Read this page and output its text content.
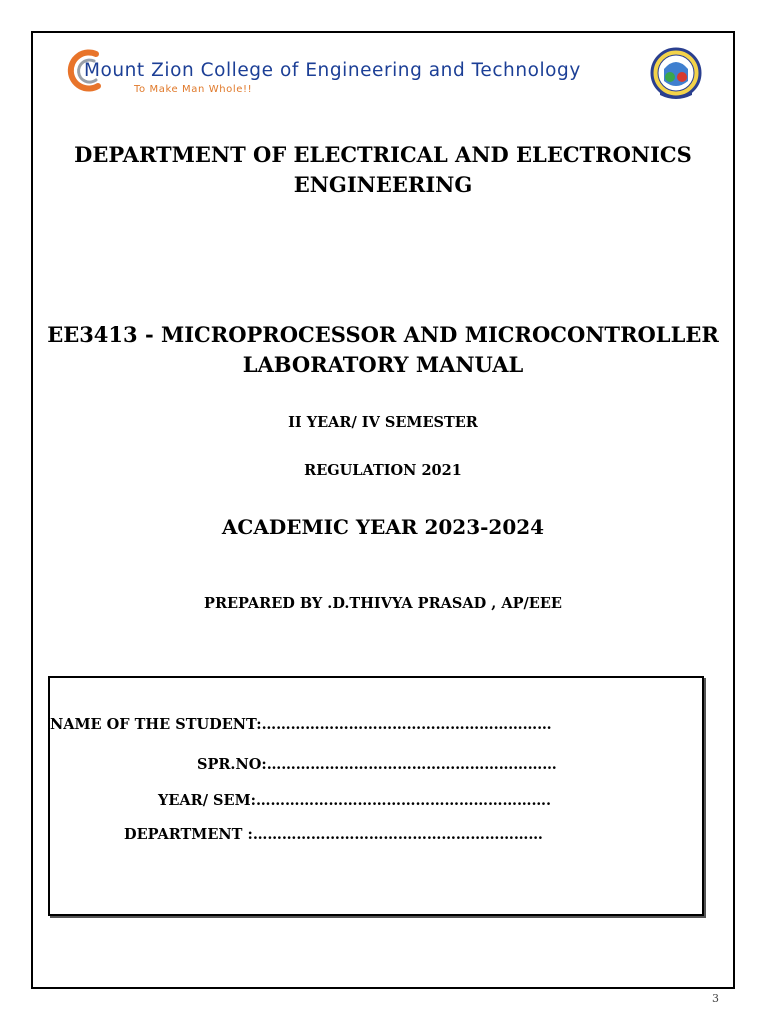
Mount Zion College of Engineering and Technology
To Make Man Whole!!
DEPARTMENT OF ELECTRICAL AND ELECTRONICS
ENGINEERING
EE3413 - MICROPROCESSOR AND MICROCONTROLLER
LABORATORY MANUAL
II YEAR/ IV SEMESTER
REGULATION 2021
ACADEMIC YEAR 2023-2024
PREPARED BY .D.THIVYA PRASAD , AP/EEE
NAME OF THE STUDENT:……………………………………………………
SPR.NO:……………………………………………………
YEAR/ SEM:…………………………………………………….
DEPARTMENT :……………………………………………………
3
